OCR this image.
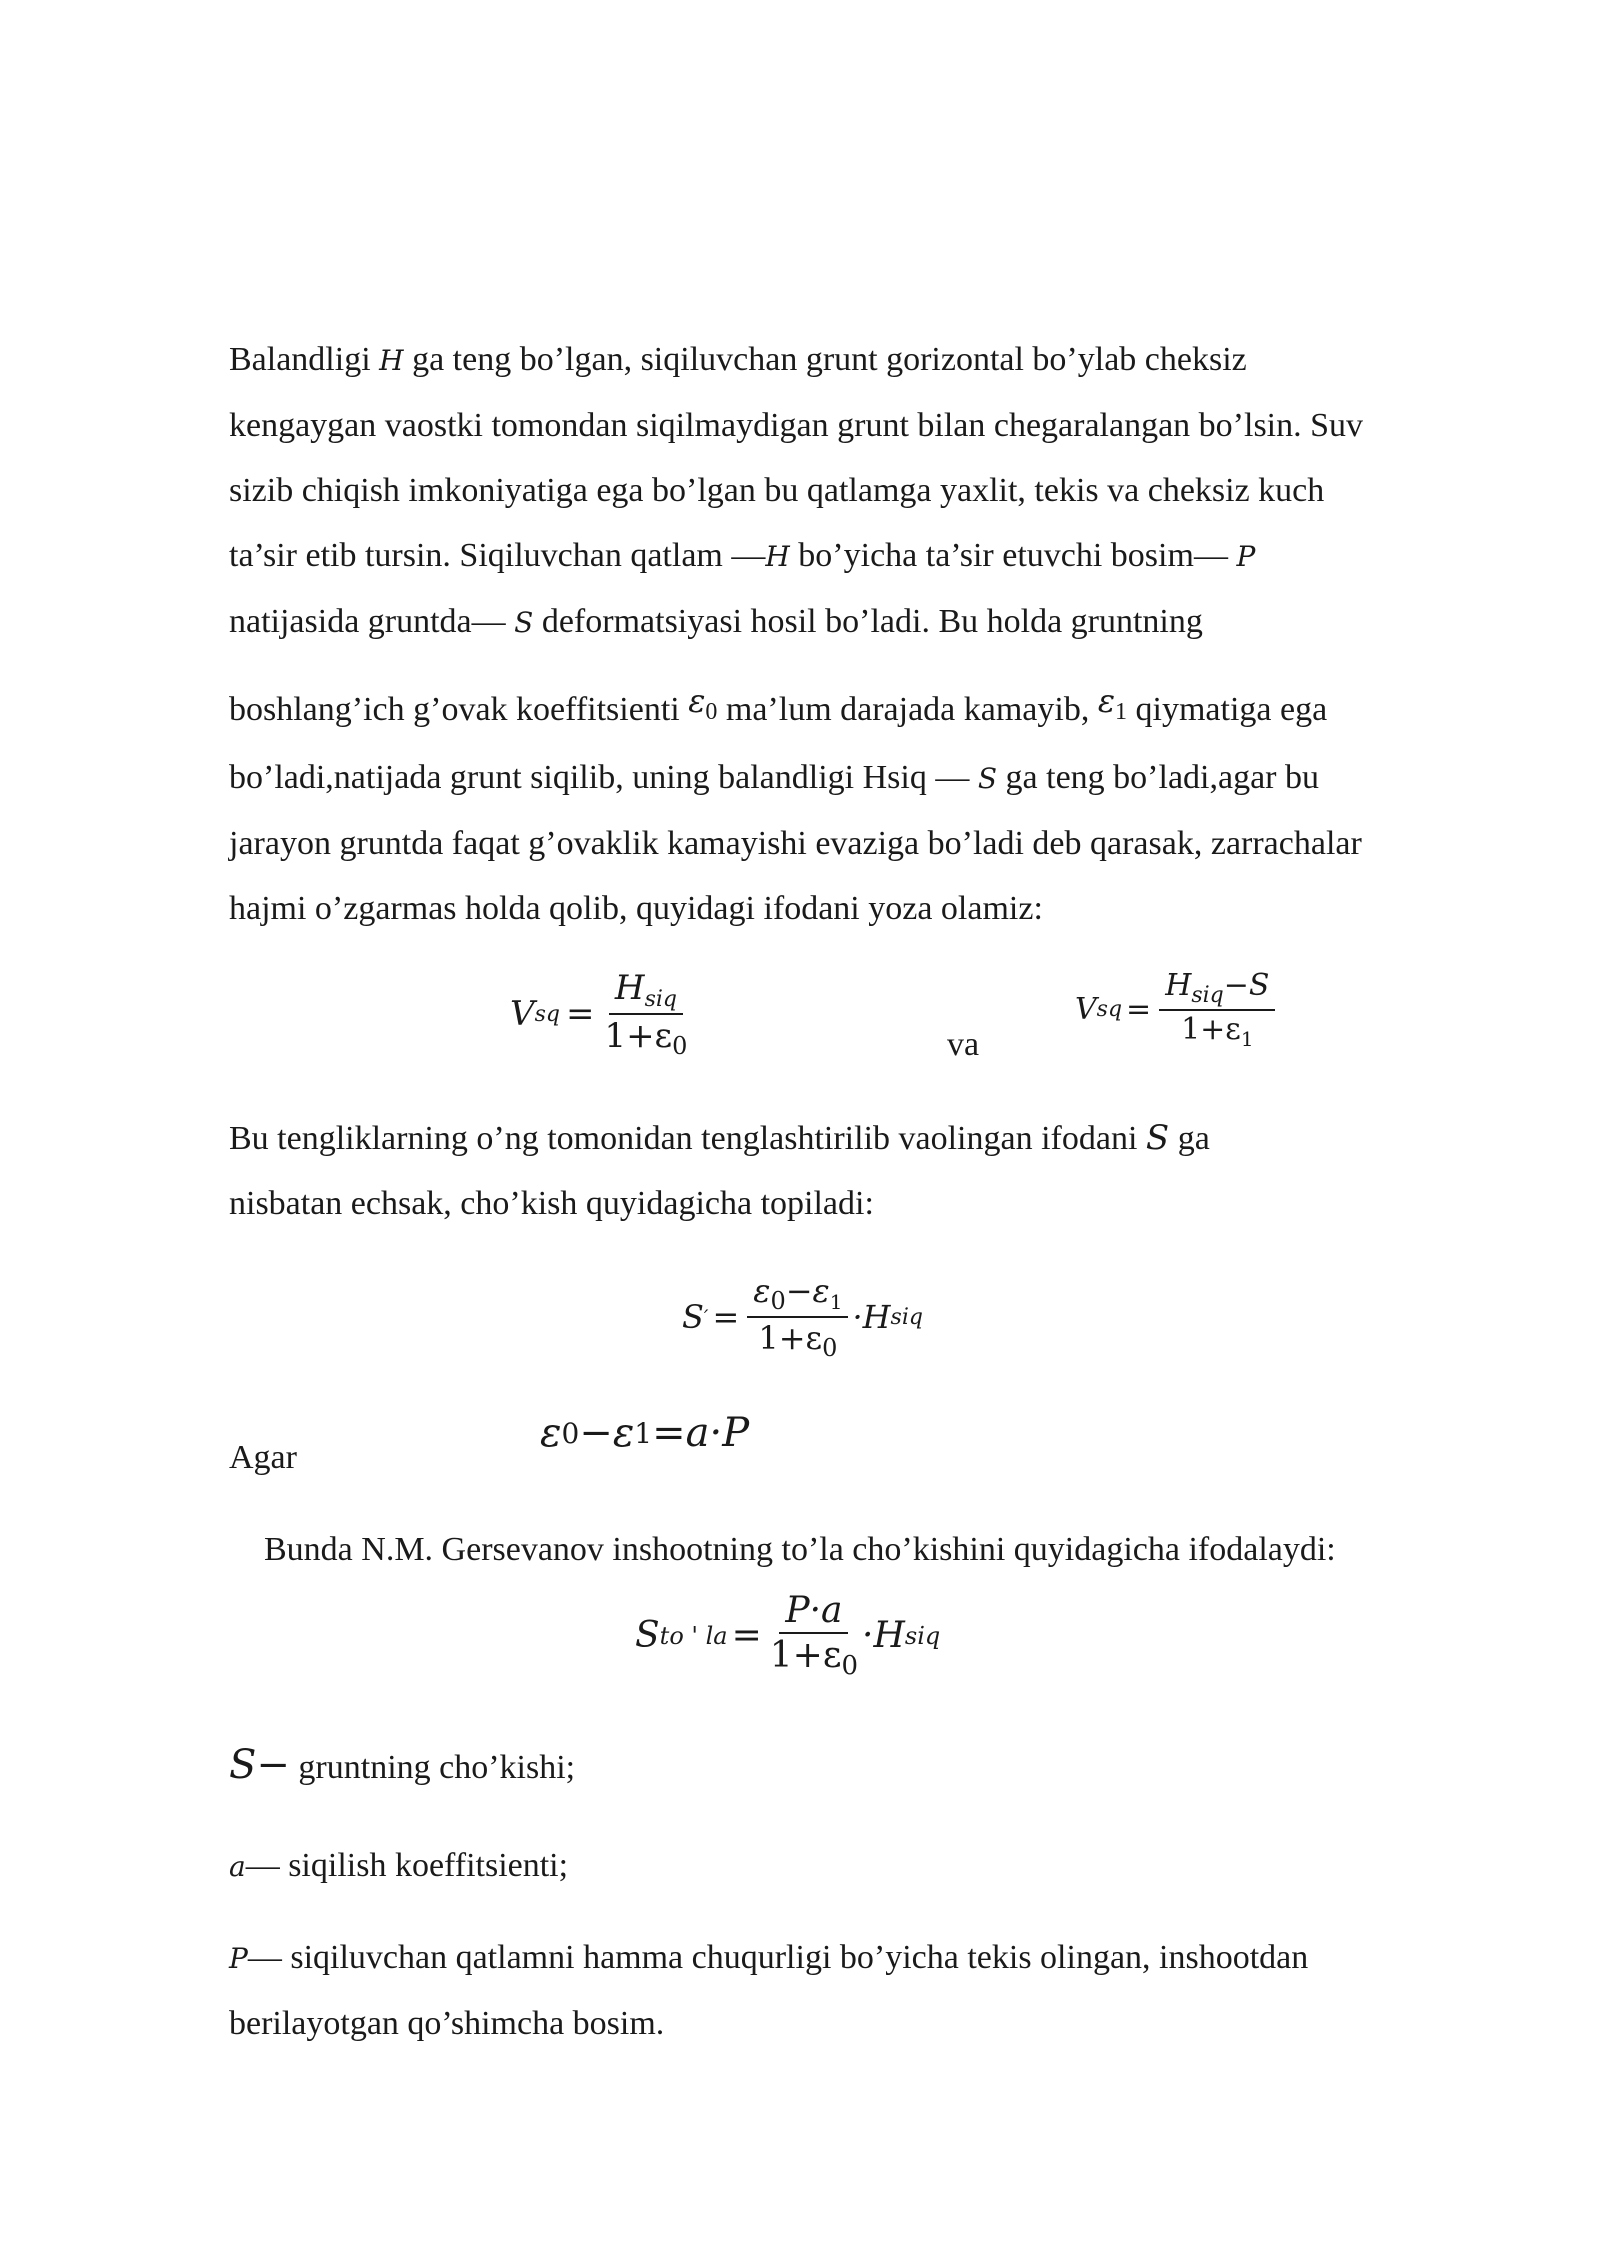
Balandligi H ga teng bo’lgan, siqiluvchan grunt gorizontal bo’ylab cheksiz
kengaygan vaostki tomondan siqilmaydigan grunt bilan chegaralangan bo’lsin. Suv
sizib chiqish imkoniyatiga ega bo’lgan bu qatlamga yaxlit, tekis va cheksiz kuch
ta’sir etib tursin. Siqiluvchan qatlam —H bo’yicha ta’sir etuvchi bosim— P
natijasida gruntda— S deformatsiyasi hosil bo’ladi. Bu holda gruntning
boshlang’ich g’ovak koeffitsienti ε0 ma’lum darajada kamayib, ε1 qiymatiga ega
bo’ladi,natijada grunt siqilib, uning balandligi Hsiq — S ga teng bo’ladi,agar bu
jarayon gruntda faqat g’ovaklik kamayishi evaziga bo’ladi deb qarasak, zarrachalar
hajmi o’zgarmas holda qolib, quyidagi ifodani yoza olamiz:
V sq = $\frac{H_{siq}}{1+\varepsilon_0}$	va
V sq = $\frac{H_{siq}-S}{1+\varepsilon_1}$
Bu tengliklarning o’ng tomonidan tenglashtirilib vaolingan ifodani S ga
nisbatan echsak, cho’kish quyidagicha topiladi:
S ′ = $\frac{\varepsilon_0-\varepsilon_1}{1+\varepsilon_0} \cdot H$ siq
Agar
ε 0 −ε 1 =a·P
Bunda N.M. Gersevanov inshootning to’la cho’kishini quyidagicha ifodalaydi:
S to ' la = $\frac{P\cdot a}{1+\varepsilon 0} \cdot H$ siq
S− gruntning cho’kishi;
a— siqilish koeffitsienti;
P— siqiluvchan qatlamni hamma chuqurligi bo’yicha tekis olingan, inshootdan
berilayotgan qo’shimcha bosim.
